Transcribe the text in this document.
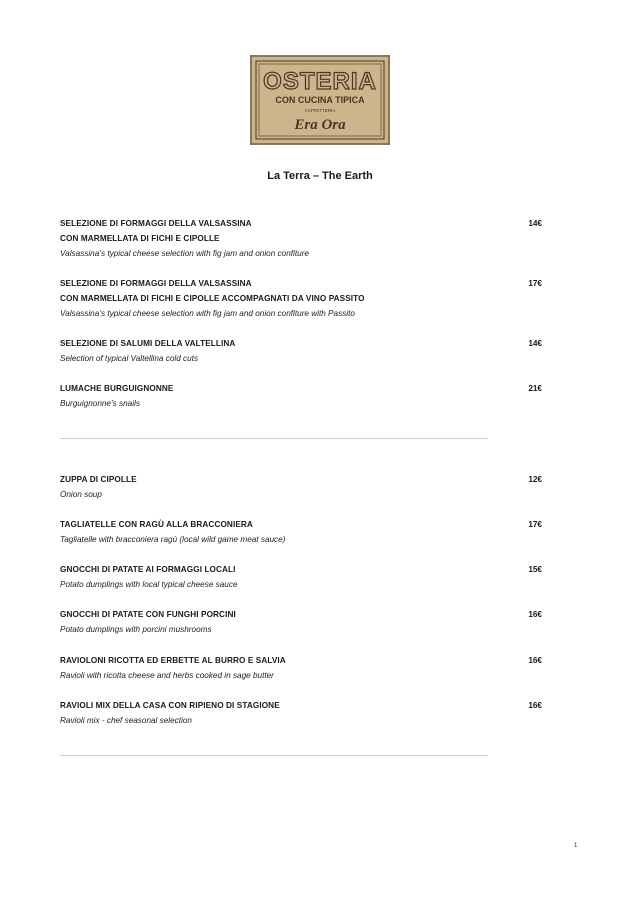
OSTERIA
CON CUCINA TIPICA
CAFFETTERIA
Era Ora
La Terra – The Earth
SELEZIONE DI FORMAGGI DELLA VALSASSINA
CON MARMELLATA DI FICHI E CIPOLLE
Valsassina’s typical cheese selection with fig jam and onion confiture
14€
SELEZIONE DI FORMAGGI DELLA VALSASSINA
CON MARMELLATA DI FICHI E CIPOLLE ACCOMPAGNATI DA VINO PASSITO
Valsassina’s typical cheese selection with fig jam and onion confiture with Passito
17€
SELEZIONE DI SALUMI DELLA VALTELLINA
Selection of typical Valtellina cold cuts
14€
LUMACHE BURGUIGNONNE
Burguignonne’s snails
21€
ZUPPA DI CIPOLLE
Onion soup
12€
TAGLIATELLE CON RAGÙ ALLA BRACCONIERA
Tagliatelle with bracconiera ragù (local wild game meat sauce)
17€
GNOCCHI DI PATATE AI FORMAGGI LOCALI
Potato dumplings with local typical cheese sauce
15€
GNOCCHI DI PATATE CON FUNGHI PORCINI
Potato dumplings with porcini mushrooms
16€
RAVIOLONI RICOTTA ED ERBETTE AL BURRO E SALVIA
Ravioli with ricotta cheese and herbs cooked in sage butter
16€
RAVIOLI MIX DELLA CASA CON RIPIENO DI STAGIONE
Ravioli mix - chef seasonal selection
16€
1
